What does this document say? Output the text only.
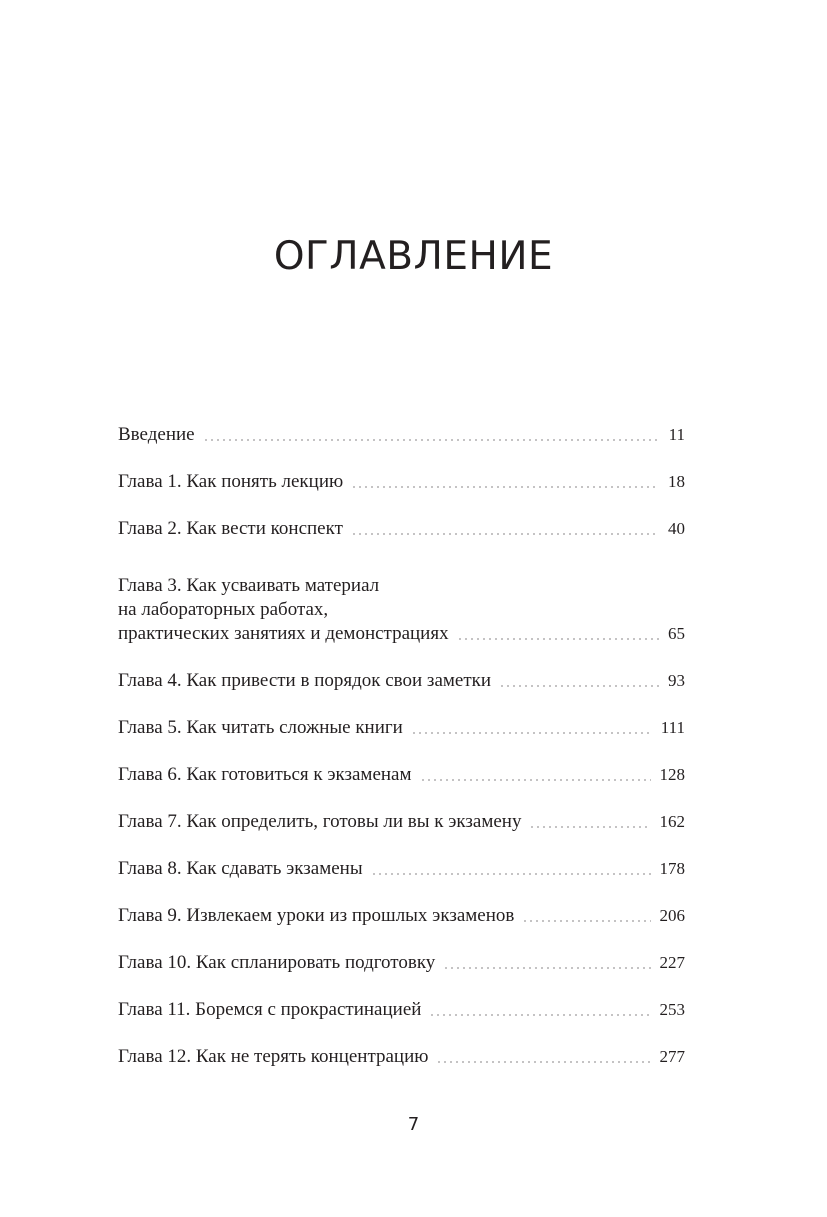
ОГЛАВЛЕНИЕ
Введение	11
Глава 1. Как понять лекцию	18
Глава 2. Как вести конспект	40
Глава 3. Как усваивать материал
на лабораторных работах,
практических занятиях и демонстрациях	65
Глава 4. Как привести в порядок свои заметки	93
Глава 5. Как читать сложные книги	111
Глава 6. Как готовиться к экзаменам	128
Глава 7. Как определить, готовы ли вы к экзамену	162
Глава 8. Как сдавать экзамены	178
Глава 9. Извлекаем уроки из прошлых экзаменов	206
Глава 10. Как спланировать подготовку	227
Глава 11. Боремся с прокрастинацией	253
Глава 12. Как не терять концентрацию	277

7
